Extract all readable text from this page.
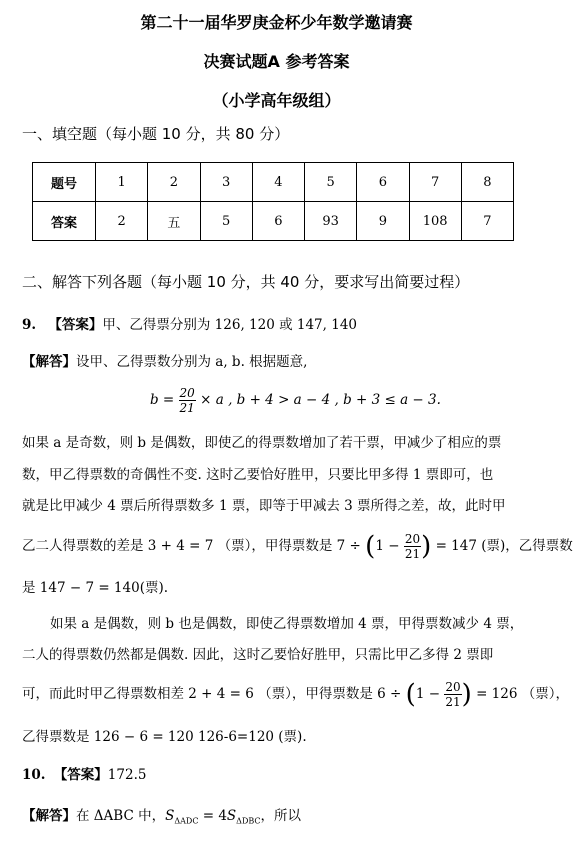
第二十一届华罗庚金杯少年数学邀请赛
决赛试题A 参考答案
（小学高年级组）
一、填空题（每小题 10 分，共 80 分）
题号	1	2	3	4	5	6	7	8
答案	2	五	5	6	93	9	108	7
二、解答下列各题（每小题 10 分，共 40 分，要求写出简要过程）
9. 【答案】甲、乙得票分别为 126, 120 或 147, 140
【解答】设甲、乙得票数分别为 a, b. 根据题意,
$b = \frac{20}{21} \times a$ , b + 4 > a − 4 , b + 3 ≤ a − 3.
如果 a 是奇数，则 b 是偶数，即使乙的得票数增加了若干票，甲减少了相应的票
数，甲乙得票数的奇偶性不变. 这时乙要恰好胜甲，只要比甲多得 1 票即可，也
就是比甲减少 4 票后所得票数多 1 票，即等于甲减去 3 票所得之差，故，此时甲
乙二人得票数的差是 3 + 4 = 7 （票），甲得票数是 $7 \div (1 - \frac{20}{21}$ ) = 147 (票)，乙得票数
是 147 − 7 = 140(票).
如果 a 是偶数，则 b 也是偶数，即使乙得票数增加 4 票，甲得票数减少 4 票，
二人的得票数仍然都是偶数. 因此，这时乙要恰好胜甲，只需比甲乙多得 2 票即
可，而此时甲乙得票数相差 2 + 4 = 6 （票），甲得票数是 $6 \div (1 - \frac{20}{21}$ ) = 126 （票），
乙得票数是 126 − 6 = 120 126-6=120 (票).
10. 【答案】172.5
【解答】在 ΔABC 中，$S_{\Delta ADC} = 4S_{\Delta DBC}$，所以
